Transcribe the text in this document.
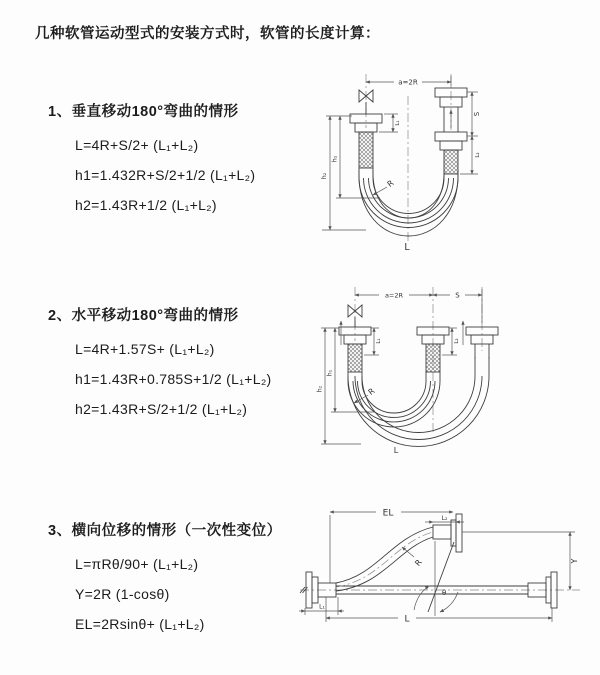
几种软管运动型式的安装方式时，软管的长度计算：
1、垂直移动180°弯曲的情形
L=4R+S/2+ (L₁+L₂)
h1=1.432R+S/2+1/2 (L₁+L₂)
h2=1.43R+1/2 (L₁+L₂)
2、水平移动180°弯曲的情形
L=4R+1.57S+ (L₁+L₂)
h1=1.43R+0.785S+1/2 (L₁+L₂)
h2=1.43R+S/2+1/2 (L₁+L₂)
3、横向位移的情形（一次性变位）
L=πRθ/90+ (L₁+L₂)
Y=2R (1-cosθ)
EL=2Rsinθ+ (L₁+L₂)
a=2R
h₂
h₁
L₁
S
L₂
R
L
a=2R	S
h₂
h₁
L₁	L₂
R
L
EL	L₂
Y
θ
R
L₁
L
